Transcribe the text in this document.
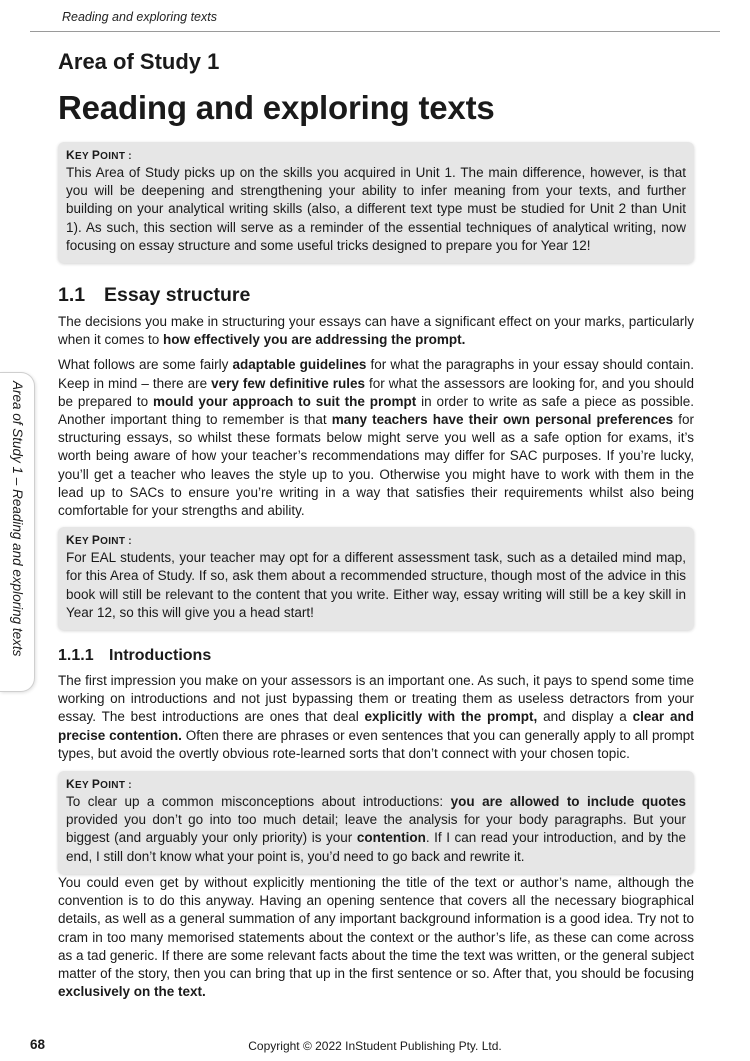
Reading and exploring texts
Area of Study 1 – Reading and exploring texts
Area of Study 1
Reading and exploring texts
KEY POINT :
This Area of Study picks up on the skills you acquired in Unit 1. The main difference, however, is that you will be deepening and strengthening your ability to infer meaning from your texts, and further building on your analytical writing skills (also, a different text type must be studied for Unit 2 than Unit 1). As such, this section will serve as a reminder of the essential techniques of analytical writing, now focusing on essay structure and some useful tricks designed to prepare you for Year 12!
1.1 Essay structure

The decisions you make in structuring your essays can have a significant effect on your marks, particularly when it comes to how effectively you are addressing the prompt.

What follows are some fairly adaptable guidelines for what the paragraphs in your essay should contain. Keep in mind – there are very few definitive rules for what the assessors are looking for, and you should be prepared to mould your approach to suit the prompt in order to write as safe a piece as possible. Another important thing to remember is that many teachers have their own personal preferences for structuring essays, so whilst these formats below might serve you well as a safe option for exams, it’s worth being aware of how your teacher’s recommendations may differ for SAC purposes. If you’re lucky, you’ll get a teacher who leaves the style up to you. Otherwise you might have to work with them in the lead up to SACs to ensure you’re writing in a way that satisfies their requirements whilst also being comfortable for your strengths and ability.

KEY POINT :
For EAL students, your teacher may opt for a different assessment task, such as a detailed mind map, for this Area of Study. If so, ask them about a recommended structure, though most of the advice in this book will still be relevant to the content that you write. Either way, essay writing will still be a key skill in Year 12, so this will give you a head start!
1.1.1 Introductions

The first impression you make on your assessors is an important one. As such, it pays to spend some time working on introductions and not just bypassing them or treating them as useless detractors from your essay. The best introductions are ones that deal explicitly with the prompt, and display a clear and precise contention. Often there are phrases or even sentences that you can generally apply to all prompt types, but avoid the overtly obvious rote-learned sorts that don’t connect with your chosen topic.

KEY POINT :
To clear up a common misconceptions about introductions: you are allowed to include quotes provided you don’t go into too much detail; leave the analysis for your body paragraphs. But your biggest (and arguably your only priority) is your contention. If I can read your introduction, and by the end, I still don’t know what your point is, you’d need to go back and rewrite it.

You could even get by without explicitly mentioning the title of the text or author’s name, although the convention is to do this anyway. Having an opening sentence that covers all the necessary biographical details, as well as a general summation of any important background information is a good idea. Try not to cram in too many memorised statements about the context or the author’s life, as these can come across as a tad generic. If there are some relevant facts about the time the text was written, or the general subject matter of the story, then you can bring that up in the first sentence or so. After that, you should be focusing exclusively on the text.

68	Copyright © 2022 InStudent Publishing Pty. Ltd.
